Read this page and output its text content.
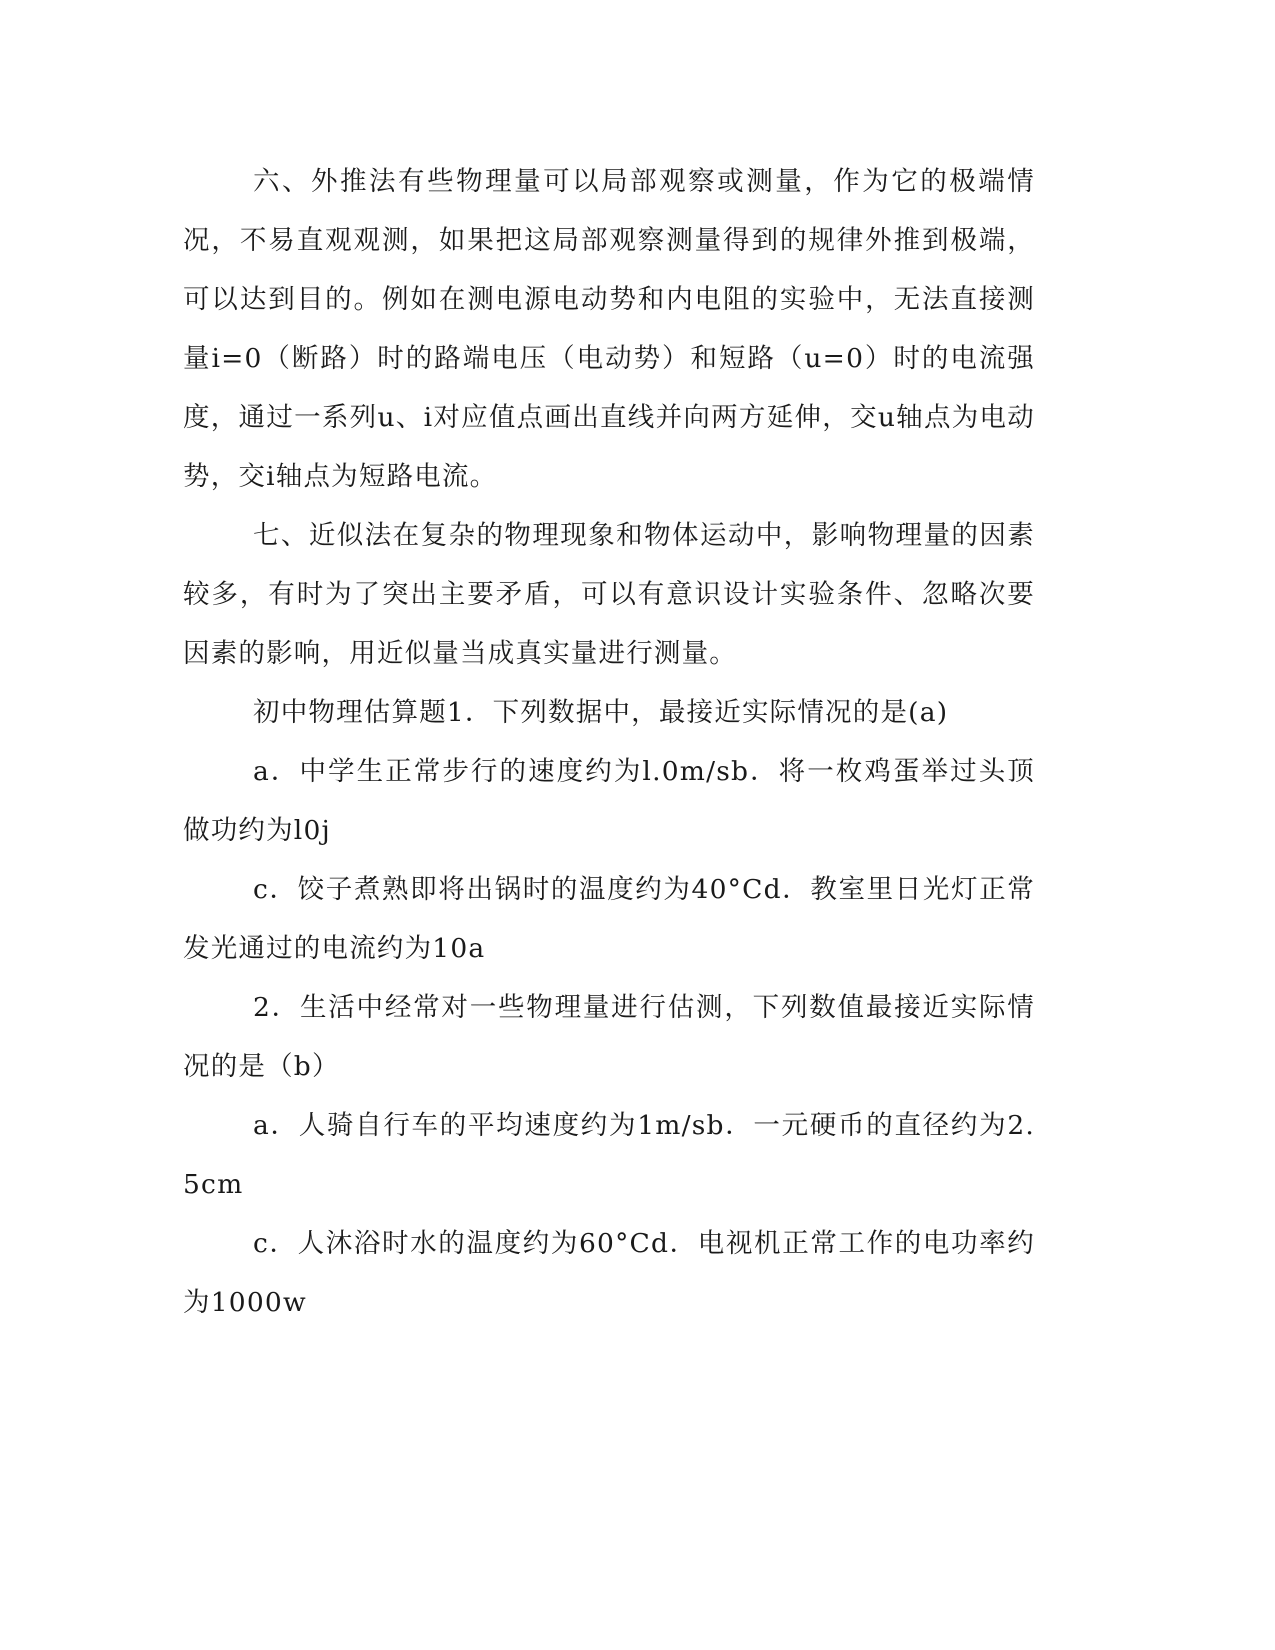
六、外推法有些物理量可以局部观察或测量，作为它的极端情况，不易直观观测，如果把这局部观察测量得到的规律外推到极端，可以达到目的。例如在测电源电动势和内电阻的实验中，无法直接测量i=0（断路）时的路端电压（电动势）和短路（u=0）时的电流强度，通过一系列u、i对应值点画出直线并向两方延伸，交u轴点为电动势，交i轴点为短路电流。

七、近似法在复杂的物理现象和物体运动中，影响物理量的因素较多，有时为了突出主要矛盾，可以有意识设计实验条件、忽略次要因素的影响，用近似量当成真实量进行测量。

初中物理估算题1．下列数据中，最接近实际情况的是(a)

a．中学生正常步行的速度约为l.0m/sb．将一枚鸡蛋举过头顶做功约为l0j

c．饺子煮熟即将出锅时的温度约为40°Cd．教室里日光灯正常发光通过的电流约为10a

2．生活中经常对一些物理量进行估测，下列数值最接近实际情况的是（b）

a．人骑自行车的平均速度约为1m/sb．一元硬币的直径约为2.5cm

c．人沐浴时水的温度约为60°Cd．电视机正常工作的电功率约为1000w
